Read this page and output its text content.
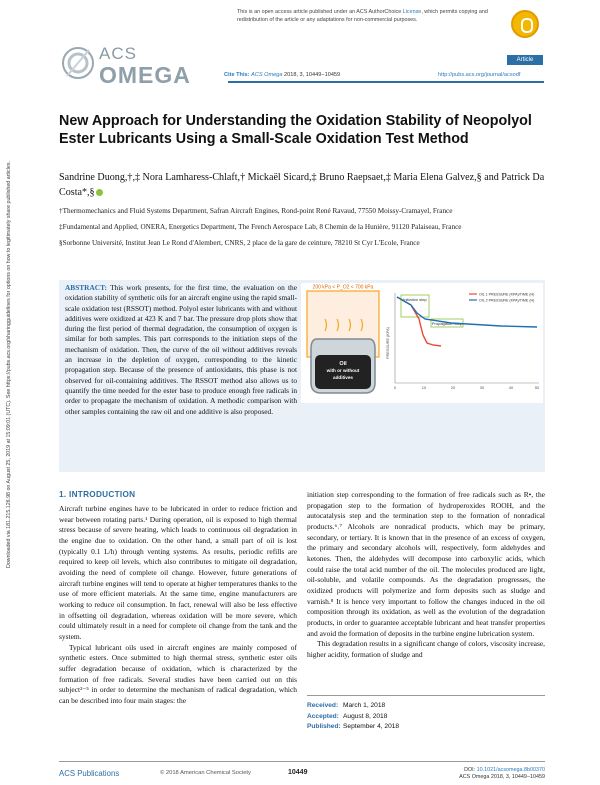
Downloaded via 181.215.126.98 on August 25, 2019 at 15:09:01 (UTC). See https://pubs.acs.org/sharingguidelines for options on how to legitimately share published articles.
This is an open access article published under an ACS AuthorChoice License, which permits copying and redistribution of the article or any adaptations for non-commercial purposes.
ACS
OMEGA	Cite This: ACS Omega 2018, 3, 10449−10459	http://pubs.acs.org/journal/acsodf
Article
New Approach for Understanding the Oxidation Stability of Neopolyol Ester Lubricants Using a Small-Scale Oxidation Test Method
Sandrine Duong,†,‡ Nora Lamharess-Chlaft,† Mickaël Sicard,‡ Bruno Raepsaet,‡ Maria Elena Galvez,§ and Patrick Da Costa*,§

†Thermomechanics and Fluid Systems Department, Safran Aircraft Engines, Rond-point René Ravaud, 77550 Moissy-Cramayel, France

‡Fundamental and Applied, ONERA, Energetics Department, The French Aerospace Lab, 8 Chemin de la Hunière, 91120 Palaiseau, France

§Sorbonne Université, Institut Jean Le Rond d'Alembert, CNRS, 2 place de la gare de ceinture, 78210 St Cyr L'Ecole, France

ABSTRACT: This work presents, for the first time, the evaluation on the oxidation stability of synthetic oils for an aircraft engine using the rapid small-scale oxidation test (RSSOT) method. Polyol ester lubricants with and without additives were oxidized at 423 K and 7 bar. The pressure drop plots show that during the first period of thermal degradation, the consumption of oxygen is similar for both samples. This part corresponds to the initiation steps of the mechanism of oxidation. Then, the curve of the oil without additives reveals an increase in the depletion of oxygen, corresponding to the kinetic propagation step. Because of the presence of antioxidants, this phase is not observed for oil-containing additives. The RSSOT method also allows us to quantify the time needed for the ester base to produce enough free radicals in order to propagate the mechanism of oxidation. A methodic comparison with other samples containing the raw oil and one additive is also proposed.
200 kPa < P_O2 < 700 kPa
Oil
with or without
additives
PRESSURE (KPA)
0	10	20	30	40	50
Initiation step
Propagation step
OIL 1 PRESSURE (KPA)/TIME (H)
OIL 2 PRESSURE (KPA)/TIME (H)
1. INTRODUCTION

Aircraft turbine engines have to be lubricated in order to reduce friction and wear between rotating parts.¹ During operation, oil is exposed to high thermal stress because of severe heating, which leads to continuous oil degradation in the engine due to oxidation. On the other hand, a small part of oil is lost (typically 0.1 L/h) through venting systems. As results, periodic refills are required to keep oil levels, which also contributes to mitigate oil degradation, avoiding the need of complete oil change. However, future generations of aircraft turbine engines will tend to operate at higher temperatures thanks to the use of more efficient materials. At the same time, engine manufacturers are working to reduce oil consumption. In fact, renewal will also be less effective in offsetting oil degradation, whereas oxidation will be more severe, which could ultimately result in a need for complete oil change from the tank and the system.

Typical lubricant oils used in aircraft engines are mainly composed of synthetic esters. Once submitted to high thermal stress, synthetic ester oils suffer degradation because of oxidation, which is characterized by the formation of free radicals. Several studies have been carried out on this subject²⁻⁵ in order to determine the mechanism of radical degradation, which can be described into four main stages: the

initiation step corresponding to the formation of free radicals such as R•, the propagation step to the formation of hydroperoxides ROOH, and the autocatalysis step and the termination step to the formation of nonradical products.⁶˒⁷ Alcohols are nonradical products, which may be primary, secondary, or tertiary. It is known that in the presence of an excess of oxygen, the primary and secondary alcohols will, respectively, form aldehydes and ketones. Then, the aldehydes will decompose into carboxylic acids, which could raise the total acid number of the oil. The molecules produced are light, oil-soluble, and volatile compounds. As the degradation progresses, the oxidized products will polymerize and form deposits such as sludge and varnish.⁸ It is hence very important to follow the changes induced in the oil composition through its oxidation, as well as the evolution of the degradation products, in order to guarantee acceptable lubricant and heat transfer properties and avoid the formation of deposits in the turbine engine lubrication system.

This degradation results in a significant change of colors, viscosity increase, higher acidity, formation of sludge and

Received: March 1, 2018
Accepted: August 8, 2018
Published: September 4, 2018
ACS Publications	© 2018 American Chemical Society	10449	DOI: 10.1021/acsomega.8b00370
ACS Omega 2018, 3, 10449−10459
